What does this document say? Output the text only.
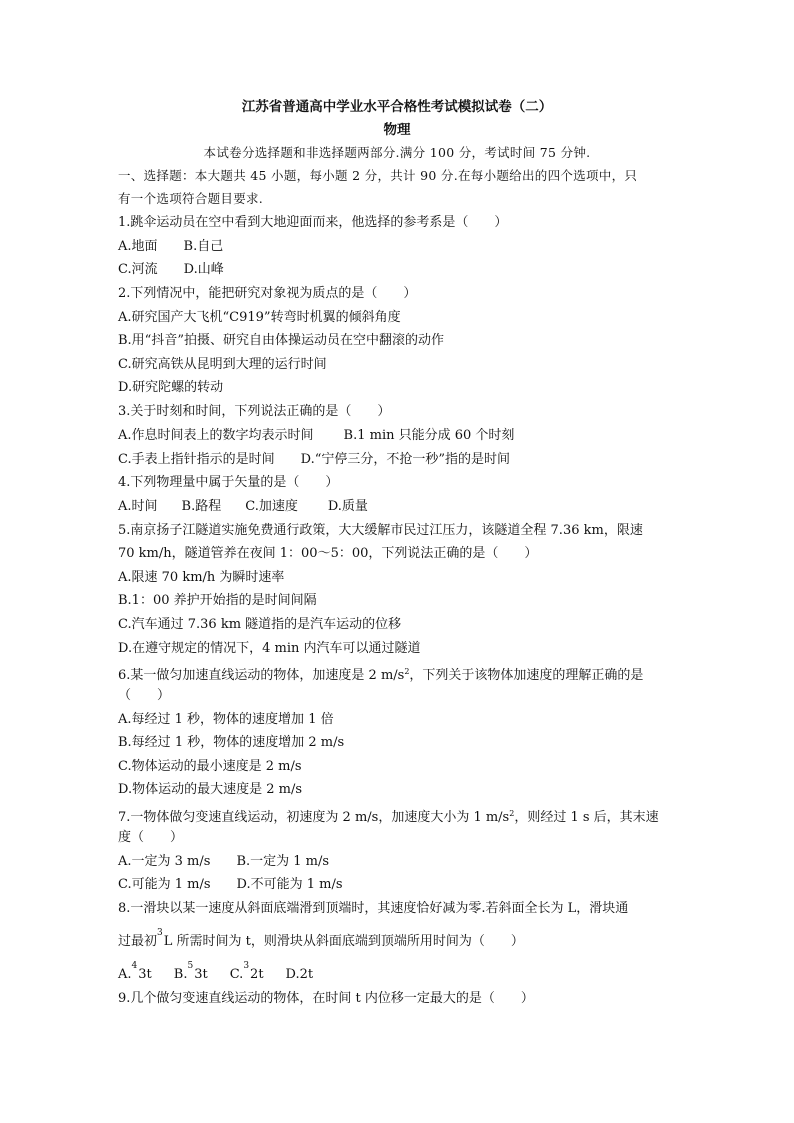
江苏省普通高中学业水平合格性考试模拟试卷（二）
物理
本试卷分选择题和非选择题两部分.满分 100 分，考试时间 75 分钟.
一、选择题：本大题共 45 小题，每小题 2 分，共计 90 分.在每小题给出的四个选项中，只
有一个选项符合题目要求.
1.跳伞运动员在空中看到大地迎面而来，他选择的参考系是（　　）
A.地面 B.自己
C.河流 D.山峰
2.下列情况中，能把研究对象视为质点的是（　　）
A.研究国产大飞机“C919”转弯时机翼的倾斜角度
B.用“抖音”拍摄、研究自由体操运动员在空中翻滚的动作
C.研究高铁从昆明到大理的运行时间
D.研究陀螺的转动
3.关于时刻和时间，下列说法正确的是（　　）
A.作息时间表上的数字均表示时间 B.1 min 只能分成 60 个时刻
C.手表上指针指示的是时间 D.“宁停三分，不抢一秒”指的是时间
4.下列物理量中属于矢量的是（　　）
A.时间 B.路程 C.加速度 D.质量
5.南京扬子江隧道实施免费通行政策，大大缓解市民过江压力，该隧道全程 7.36 km，限速
70 km/h，隧道管养在夜间 1：00～5：00，下列说法正确的是（　　）
A.限速 70 km/h 为瞬时速率
B.1：00 养护开始指的是时间间隔
C.汽车通过 7.36 km 隧道指的是汽车运动的位移
D.在遵守规定的情况下，4 min 内汽车可以通过隧道
6.某一做匀加速直线运动的物体，加速度是 2 $m/s^2$，下列关于该物体加速度的理解正确的是
（　　）
A.每经过 1 秒，物体的速度增加 1 倍
B.每经过 1 秒，物体的速度增加 2 m/s
C.物体运动的最小速度是 2 m/s
D.物体运动的最大速度是 2 m/s
7.一物体做匀变速直线运动，初速度为 2 m/s，加速度大小为 1 $m/s^2$，则经过 1 s 后，其末速
度（　　）
A.一定为 3 m/s B.一定为 1 m/s
C.可能为 1 m/s D.不可能为 1 m/s
8.一滑块以某一速度从斜面底端滑到顶端时，其速度恰好减为零.若斜面全长为 L，滑块通
过最初$^3$L 所需时间为 t，则滑块从斜面底端到顶端所用时间为（　　）
A.$^4$3t B.$^5$3t C.$^3$2t D.2t
9.几个做匀变速直线运动的物体，在时间 t 内位移一定最大的是（　　）
